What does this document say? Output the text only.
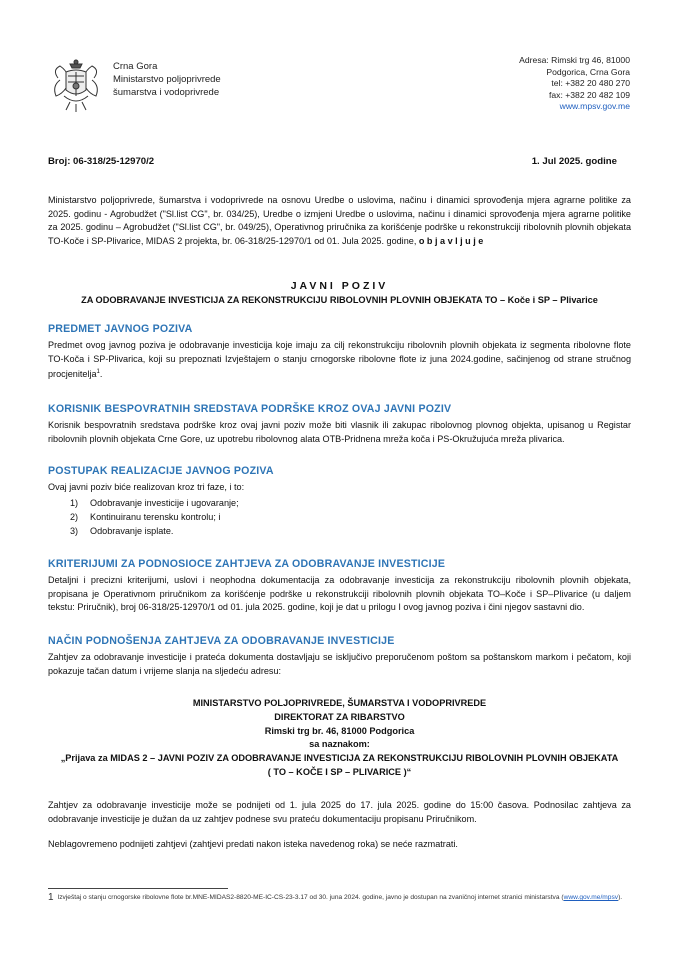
Crna Gora
Ministarstvo poljoprivrede
šumarstva i vodoprivrede
Adresa: Rimski trg 46, 81000
Podgorica, Crna Gora
tel: +382 20 480 270
fax: +382 20 482 109
www.mpsv.gov.me
Broj: 06-318/25-12970/2	1. Jul 2025. godine
Ministarstvo poljoprivrede, šumarstva i vodoprivrede na osnovu Uredbe o uslovima, načinu i dinamici sprovođenja mjera agrarne politike za 2025. godinu - Agrobudžet ("Sl.list CG", br. 034/25), Uredbe o izmjeni Uredbe o uslovima, načinu i dinamici sprovođenja mjera agrarne politike za 2025. godinu – Agrobudžet ("Sl.list CG", br. 049/25), Operativnog priručnika za korišćenje podrške u rekonstrukciji ribolovnih plovnih objekata TO-Koče i SP-Plivarice, MIDAS 2 projekta, br. 06-318/25-12970/1 od 01. Jula 2025. godine, objavljuje
JAVNI POZIV
ZA ODOBRAVANJE INVESTICIJA ZA REKONSTRUKCIJU RIBOLOVNIH PLOVNIH OBJEKATA TO – Koče i SP – Plivarice
PREDMET JAVNOG POZIVA
Predmet ovog javnog poziva je odobravanje investicija koje imaju za cilj rekonstrukciju ribolovnih plovnih objekata iz segmenta ribolovne flote TO-Koča i SP-Plivarica, koji su prepoznati Izvještajem o stanju crnogorske ribolovne flote iz juna 2024.godine, sačinjenog od strane stručnog procjenitelja$^1$.
KORISNIK BESPOVRATNIH SREDSTAVA PODRŠKE KROZ OVAJ JAVNI POZIV
Korisnik bespovratnih sredstava podrške kroz ovaj javni poziv može biti vlasnik ili zakupac ribolovnog plovnog objekta, upisanog u Registar ribolovnih plovnih objekata Crne Gore, uz upotrebu ribolovnog alata OTB-Pridnena mreža koča i PS-Okružujuća mreža plivarica.
POSTUPAK REALIZACIJE JAVNOG POZIVA
Ovaj javni poziv biće realizovan kroz tri faze, i to:
1) Odobravanje investicije i ugovaranje;
2) Kontinuiranu terensku kontrolu; i
3) Odobravanje isplate.
KRITERIJUMI ZA PODNOSIOCE ZAHTJEVA ZA ODOBRAVANJE INVESTICIJE
Detaljni i precizni kriterijumi, uslovi i neophodna dokumentacija za odobravanje investicija za rekonstrukciju ribolovnih plovnih objekata, propisana je Operativnom priručnikom za korišćenje podrške u rekonstrukciji ribolovnih plovnih objekata TO–Koče i SP–Plivarice (u daljem tekstu: Priručnik), broj 06-318/25-12970/1 od 01. jula 2025. godine, koji je dat u prilogu I ovog javnog poziva i čini njegov sastavni dio.
NAČIN PODNOŠENJA ZAHTJEVA ZA ODOBRAVANJE INVESTICIJE
Zahtjev za odobravanje investicije i prateća dokumenta dostavljaju se isključivo preporučenom poštom sa poštanskom markom i pečatom, koji pokazuje tačan datum i vrijeme slanja na sljedeću adresu:
MINISTARSTVO POLJOPRIVREDE, ŠUMARSTVA I VODOPRIVREDE
DIREKTORAT ZA RIBARSTVO
Rimski trg br. 46, 81000 Podgorica
sa naznakom:
„Prijava za MIDAS 2 – JAVNI POZIV ZA ODOBRAVANJE INVESTICIJA ZA REKONSTRUKCIJU RIBOLOVNIH PLOVNIH OBJEKATA
( TO – KOČE I SP – PLIVARICE )“
Zahtjev za odobravanje investicije može se podnijeti od 1. jula 2025 do 17. jula 2025. godine do 15:00 časova. Podnosilac zahtjeva za odobravanje investicije je dužan da uz zahtjev podnese svu prateću dokumentaciju propisanu Priručnikom.
Neblagovremeno podnijeti zahtjevi (zahtjevi predati nakon isteka navedenog roka) se neće razmatrati.
1 Izvještaj o stanju crnogorske ribolovne flote br.MNE-MIDAS2-8820-ME-IC-CS-23-3.17 od 30. juna 2024. godine, javno je dostupan na zvaničnoj internet stranici ministarstva (www.gov.me/mpsv).
